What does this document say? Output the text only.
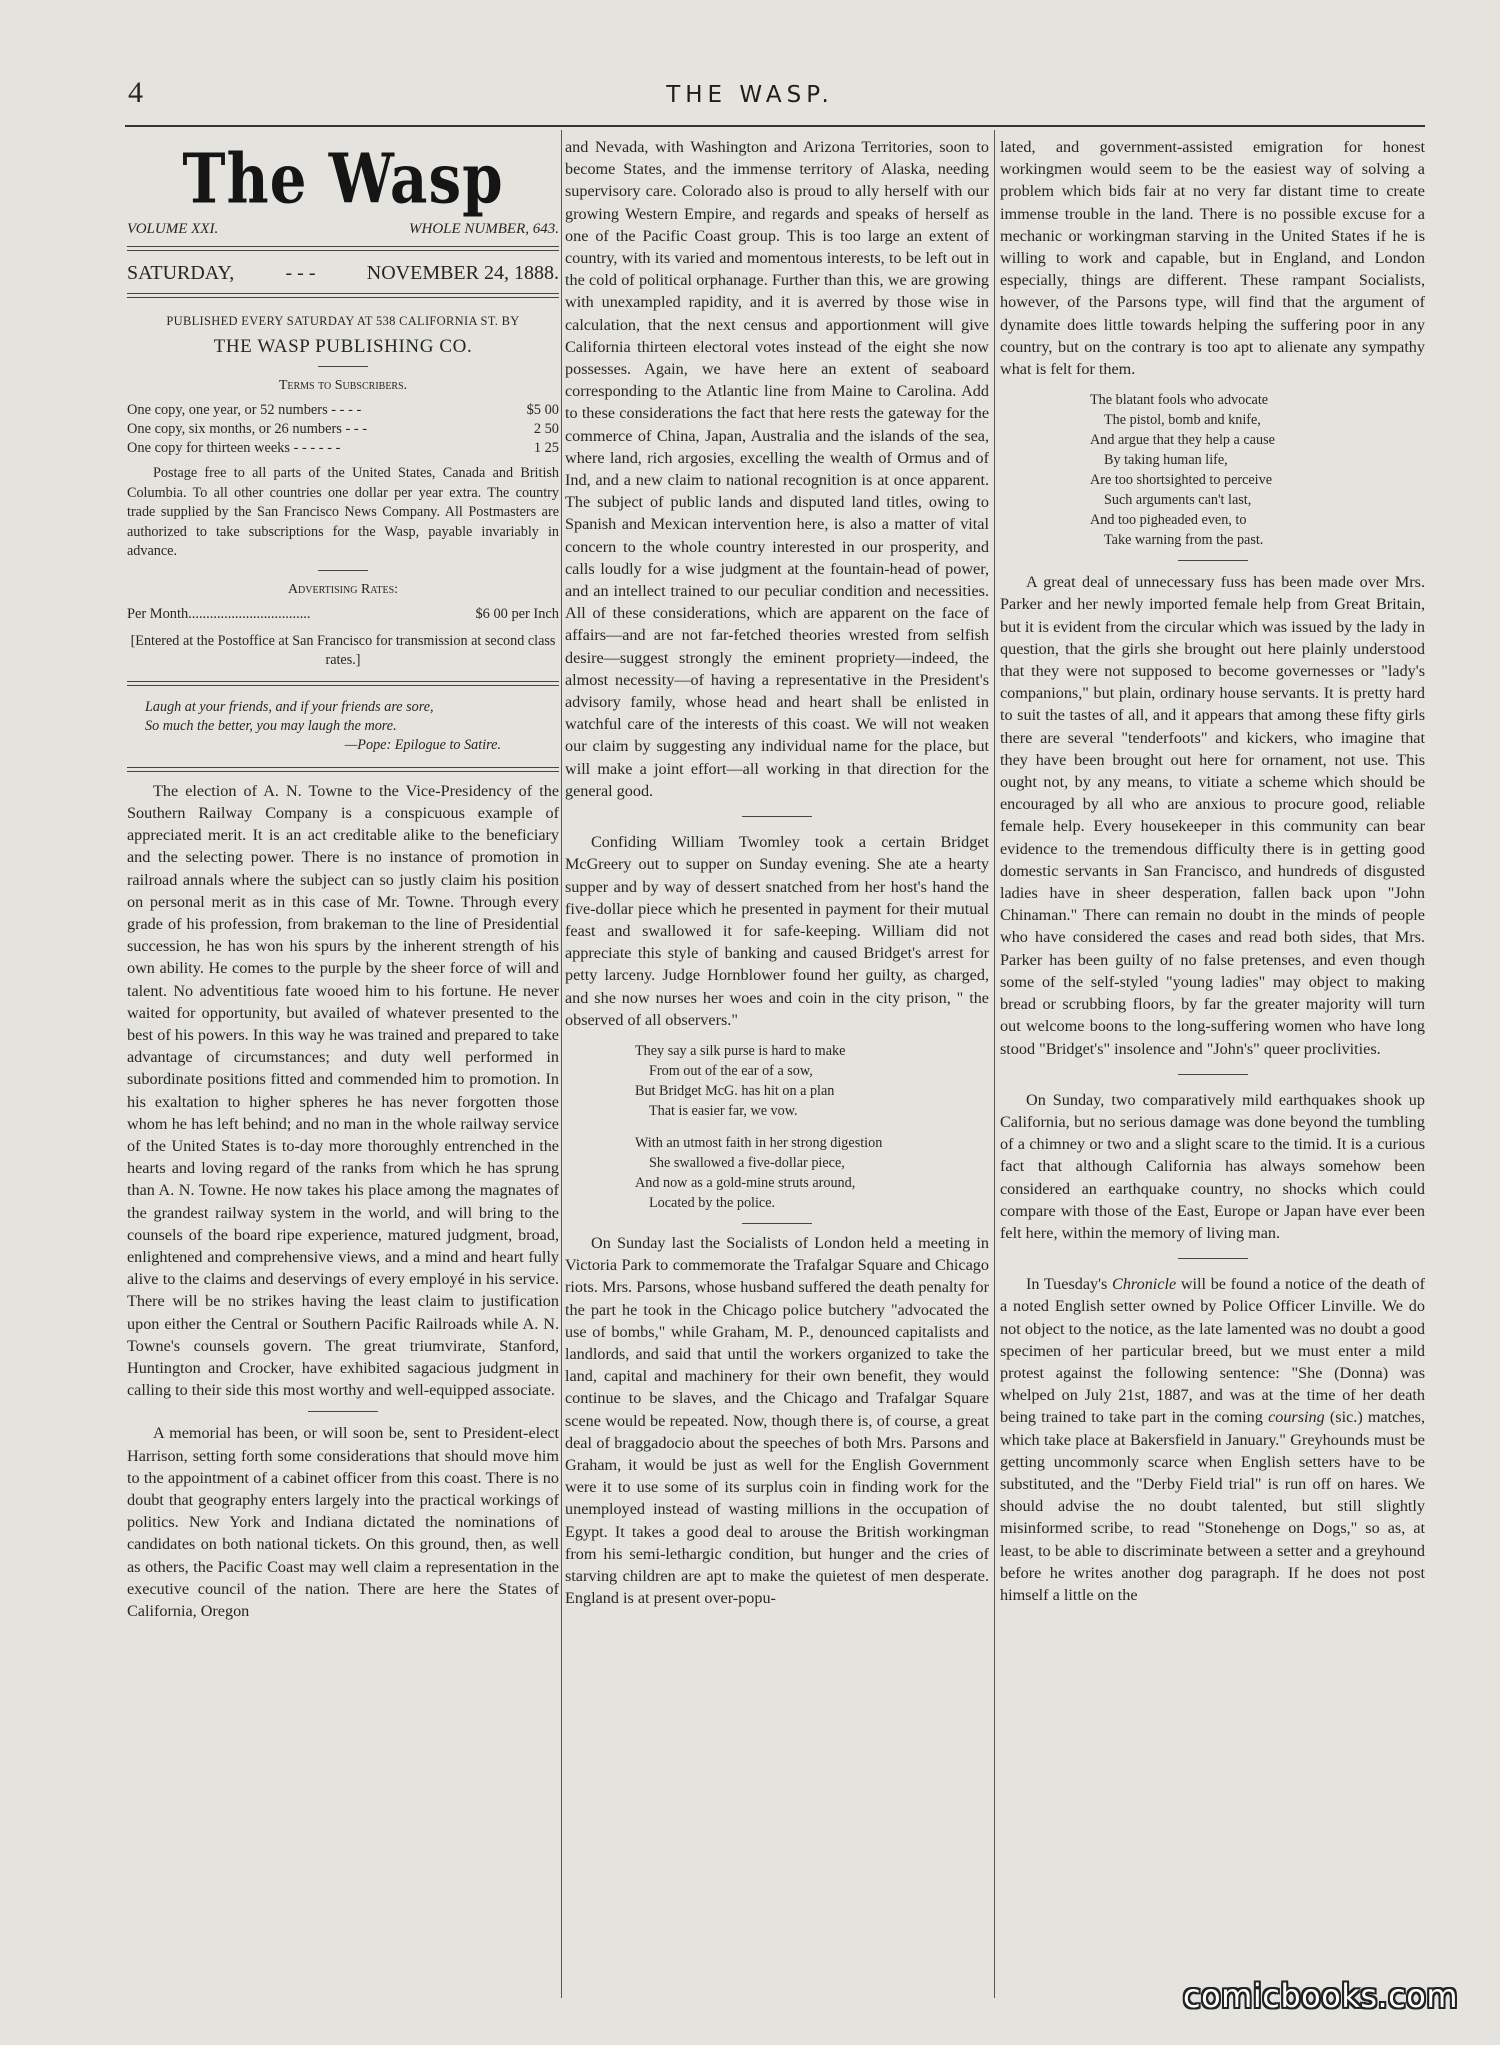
4	THE WASP.
The Wasp
VOLUME XXI.	WHOLE NUMBER, 643.
SATURDAY,	- - -	NOVEMBER 24, 1888.
PUBLISHED EVERY SATURDAY AT 538 CALIFORNIA ST. BY
THE WASP PUBLISHING CO.
Terms to Subscribers.
One copy, one year, or 52 numbers - - - -	$5 00
One copy, six months, or 26 numbers - - -	2 50
One copy for thirteen weeks - - - - - -	1 25

Postage free to all parts of the United States, Canada and British Columbia. To all other countries one dollar per year extra. The country trade supplied by the San Francisco News Company. All Postmasters are authorized to take subscriptions for the Wasp, payable invariably in advance.

Advertising Rates:
Per Month..................................	$6 00 per Inch
[Entered at the Postoffice at San Francisco for transmission at second class rates.]
Laugh at your friends, and if your friends are sore,
So much the better, you may laugh the more.
—Pope: Epilogue to Satire.

The election of A. N. Towne to the Vice-Presidency of the Southern Railway Company is a conspicuous example of appreciated merit. It is an act creditable alike to the beneficiary and the selecting power. There is no instance of promotion in railroad annals where the subject can so justly claim his position on personal merit as in this case of Mr. Towne. Through every grade of his profession, from brakeman to the line of Presidential succession, he has won his spurs by the inherent strength of his own ability. He comes to the purple by the sheer force of will and talent. No adventitious fate wooed him to his fortune. He never waited for opportunity, but availed of whatever presented to the best of his powers. In this way he was trained and prepared to take advantage of circumstances; and duty well performed in subordinate positions fitted and commended him to promotion. In his exaltation to higher spheres he has never forgotten those whom he has left behind; and no man in the whole railway service of the United States is to-day more thoroughly entrenched in the hearts and loving regard of the ranks from which he has sprung than A. N. Towne. He now takes his place among the magnates of the grandest railway system in the world, and will bring to the counsels of the board ripe experience, matured judgment, broad, enlightened and comprehensive views, and a mind and heart fully alive to the claims and deservings of every employé in his service. There will be no strikes having the least claim to justification upon either the Central or Southern Pacific Railroads while A. N. Towne's counsels govern. The great triumvirate, Stanford, Huntington and Crocker, have exhibited sagacious judgment in calling to their side this most worthy and well-equipped associate.

A memorial has been, or will soon be, sent to President-elect Harrison, setting forth some considerations that should move him to the appointment of a cabinet officer from this coast. There is no doubt that geography enters largely into the practical workings of politics. New York and Indiana dictated the nominations of candidates on both national tickets. On this ground, then, as well as others, the Pacific Coast may well claim a representation in the executive council of the nation. There are here the States of California, Oregon

and Nevada, with Washington and Arizona Territories, soon to become States, and the immense territory of Alaska, needing supervisory care. Colorado also is proud to ally herself with our growing Western Empire, and regards and speaks of herself as one of the Pacific Coast group. This is too large an extent of country, with its varied and momentous interests, to be left out in the cold of political orphanage. Further than this, we are growing with unexampled rapidity, and it is averred by those wise in calculation, that the next census and apportionment will give California thirteen electoral votes instead of the eight she now possesses. Again, we have here an extent of seaboard corresponding to the Atlantic line from Maine to Carolina. Add to these considerations the fact that here rests the gateway for the commerce of China, Japan, Australia and the islands of the sea, where land, rich argosies, excelling the wealth of Ormus and of Ind, and a new claim to national recognition is at once apparent. The subject of public lands and disputed land titles, owing to Spanish and Mexican intervention here, is also a matter of vital concern to the whole country interested in our prosperity, and calls loudly for a wise judgment at the fountain-head of power, and an intellect trained to our peculiar condition and necessities. All of these considerations, which are apparent on the face of affairs—and are not far-fetched theories wrested from selfish desire—suggest strongly the eminent propriety—indeed, the almost necessity—of having a representative in the President's advisory family, whose head and heart shall be enlisted in watchful care of the interests of this coast. We will not weaken our claim by suggesting any individual name for the place, but will make a joint effort—all working in that direction for the general good.

Confiding William Twomley took a certain Bridget McGreery out to supper on Sunday evening. She ate a hearty supper and by way of dessert snatched from her host's hand the five-dollar piece which he presented in payment for their mutual feast and swallowed it for safe-keeping. William did not appreciate this style of banking and caused Bridget's arrest for petty larceny. Judge Hornblower found her guilty, as charged, and she now nurses her woes and coin in the city prison, " the observed of all observers."

They say a silk purse is hard to make
From out of the ear of a sow,
But Bridget McG. has hit on a plan
That is easier far, we vow.
With an utmost faith in her strong digestion
She swallowed a five-dollar piece,
And now as a gold-mine struts around,
Located by the police.

On Sunday last the Socialists of London held a meeting in Victoria Park to commemorate the Trafalgar Square and Chicago riots. Mrs. Parsons, whose husband suffered the death penalty for the part he took in the Chicago police butchery "advocated the use of bombs," while Graham, M. P., denounced capitalists and landlords, and said that until the workers organized to take the land, capital and machinery for their own benefit, they would continue to be slaves, and the Chicago and Trafalgar Square scene would be repeated. Now, though there is, of course, a great deal of braggadocio about the speeches of both Mrs. Parsons and Graham, it would be just as well for the English Government were it to use some of its surplus coin in finding work for the unemployed instead of wasting millions in the occupation of Egypt. It takes a good deal to arouse the British workingman from his semi-lethargic condition, but hunger and the cries of starving children are apt to make the quietest of men desperate. England is at present over-popu-

lated, and government-assisted emigration for honest workingmen would seem to be the easiest way of solving a problem which bids fair at no very far distant time to create immense trouble in the land. There is no possible excuse for a mechanic or workingman starving in the United States if he is willing to work and capable, but in England, and London especially, things are different. These rampant Socialists, however, of the Parsons type, will find that the argument of dynamite does little towards helping the suffering poor in any country, but on the contrary is too apt to alienate any sympathy what is felt for them.

The blatant fools who advocate
The pistol, bomb and knife,
And argue that they help a cause
By taking human life,
Are too shortsighted to perceive
Such arguments can't last,
And too pigheaded even, to
Take warning from the past.

A great deal of unnecessary fuss has been made over Mrs. Parker and her newly imported female help from Great Britain, but it is evident from the circular which was issued by the lady in question, that the girls she brought out here plainly understood that they were not supposed to become governesses or "lady's companions," but plain, ordinary house servants. It is pretty hard to suit the tastes of all, and it appears that among these fifty girls there are several "tenderfoots" and kickers, who imagine that they have been brought out here for ornament, not use. This ought not, by any means, to vitiate a scheme which should be encouraged by all who are anxious to procure good, reliable female help. Every housekeeper in this community can bear evidence to the tremendous difficulty there is in getting good domestic servants in San Francisco, and hundreds of disgusted ladies have in sheer desperation, fallen back upon "John Chinaman." There can remain no doubt in the minds of people who have considered the cases and read both sides, that Mrs. Parker has been guilty of no false pretenses, and even though some of the self-styled "young ladies" may object to making bread or scrubbing floors, by far the greater majority will turn out welcome boons to the long-suffering women who have long stood "Bridget's" insolence and "John's" queer proclivities.

On Sunday, two comparatively mild earthquakes shook up California, but no serious damage was done beyond the tumbling of a chimney or two and a slight scare to the timid. It is a curious fact that although California has always somehow been considered an earthquake country, no shocks which could compare with those of the East, Europe or Japan have ever been felt here, within the memory of living man.

In Tuesday's Chronicle will be found a notice of the death of a noted English setter owned by Police Officer Linville. We do not object to the notice, as the late lamented was no doubt a good specimen of her particular breed, but we must enter a mild protest against the following sentence: "She (Donna) was whelped on July 21st, 1887, and was at the time of her death being trained to take part in the coming coursing (sic.) matches, which take place at Bakersfield in January." Greyhounds must be getting uncommonly scarce when English setters have to be substituted, and the "Derby Field trial" is run off on hares. We should advise the no doubt talented, but still slightly misinformed scribe, to read "Stonehenge on Dogs," so as, at least, to be able to discriminate between a setter and a greyhound before he writes another dog paragraph. If he does not post himself a little on the

comicbooks.com
